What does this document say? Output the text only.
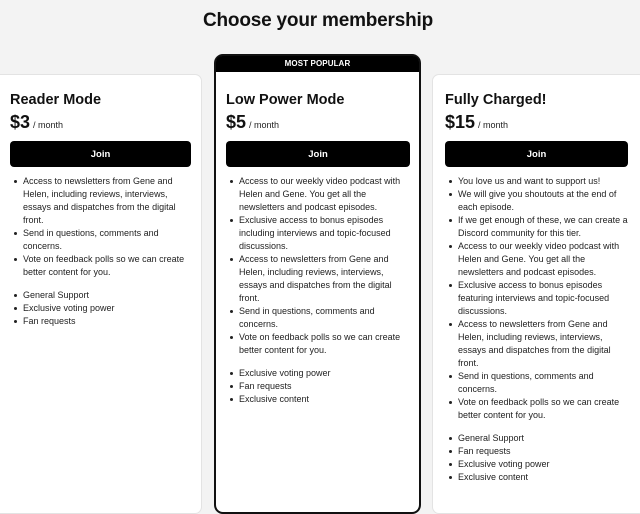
Choose your membership
Reader Mode
$3 / month
Join
Access to newsletters from Gene and Helen, including reviews, interviews, essays and dispatches from the digital front.
Send in questions, comments and concerns.
Vote on feedback polls so we can create better content for you.
General Support
Exclusive voting power
Fan requests
MOST POPULAR
Low Power Mode
$5 / month
Join
Access to our weekly video podcast with Helen and Gene. You get all the newsletters and podcast episodes.
Exclusive access to bonus episodes including interviews and topic-focused discussions.
Access to newsletters from Gene and Helen, including reviews, interviews, essays and dispatches from the digital front.
Send in questions, comments and concerns.
Vote on feedback polls so we can create better content for you.
Exclusive voting power
Fan requests
Exclusive content
Fully Charged!
$15 / month
Join
You love us and want to support us!
We will give you shoutouts at the end of each episode.
If we get enough of these, we can create a Discord community for this tier.
Access to our weekly video podcast with Helen and Gene. You get all the newsletters and podcast episodes.
Exclusive access to bonus episodes featuring interviews and topic-focused discussions.
Access to newsletters from Gene and Helen, including reviews, interviews, essays and dispatches from the digital front.
Send in questions, comments and concerns.
Vote on feedback polls so we can create better content for you.
General Support
Fan requests
Exclusive voting power
Exclusive content
